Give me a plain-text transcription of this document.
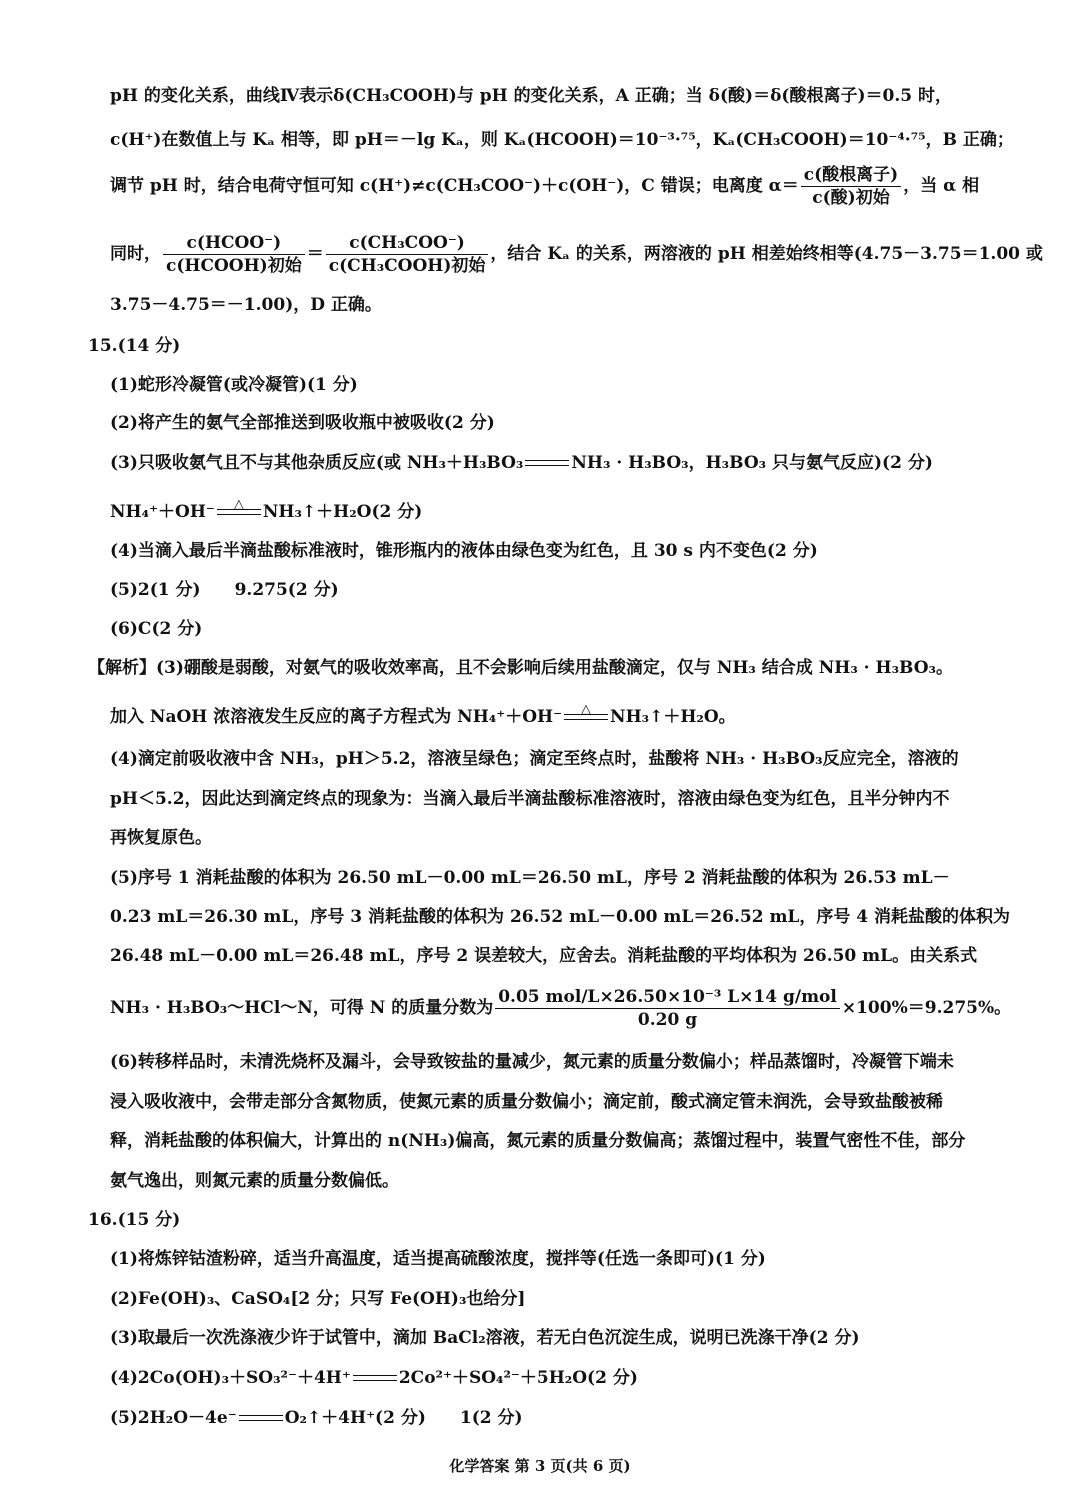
pH 的变化关系，曲线Ⅳ表示δ(CH₃COOH)与 pH 的变化关系，A 正确；当 δ(酸)＝δ(酸根离子)＝0.5 时，
c(H⁺)在数值上与 Kₐ 相等，即 pH＝－lg Kₐ，则 Kₐ(HCOOH)＝10⁻³·⁷⁵，Kₐ(CH₃COOH)＝10⁻⁴·⁷⁵，B 正确；
调节 pH 时，结合电荷守恒可知 c(H⁺)≠c(CH₃COO⁻)＋c(OH⁻)，C 错误；电离度 $\alpha= \frac{\text{c(酸根离子)}}{\text{c(酸)初始}}$ ，当 α 相
同时， $\frac{\text{c(HCOO⁻)}}{\text{c(HCOOH)初始}} = \frac{\text{c(CH₃COO⁻)}}{\text{c(CH₃COOH)初始}}$ ，结合 Kₐ 的关系，两溶液的 pH 相差始终相等(4.75－3.75＝1.00 或
3.75－4.75＝－1.00)，D 正确。
15.(14 分)
(1)蛇形冷凝管(或冷凝管)(1 分)
(2)将产生的氨气全部推送到吸收瓶中被吸收(2 分)
(3)只吸收氨气且不与其他杂质反应(或 NH₃＋H₃BO₃	NH₃ · H₃BO₃，H₃BO₃ 只与氨气反应)(2 分)
NH₄⁺＋OH⁻	△	NH₃↑＋H₂O(2 分)
(4)当滴入最后半滴盐酸标准液时，锥形瓶内的液体由绿色变为红色，且 30 s 内不变色(2 分)
(5)2(1 分)　　9.275(2 分)
(6)C(2 分)
【解析】(3)硼酸是弱酸，对氨气的吸收效率高，且不会影响后续用盐酸滴定，仅与 NH₃ 结合成 NH₃ · H₃BO₃。
加入 NaOH 浓溶液发生反应的离子方程式为 NH₄⁺＋OH⁻	△	NH₃↑＋H₂O。
(4)滴定前吸收液中含 NH₃，pH＞5.2，溶液呈绿色；滴定至终点时，盐酸将 NH₃ · H₃BO₃反应完全，溶液的
pH＜5.2，因此达到滴定终点的现象为：当滴入最后半滴盐酸标准溶液时，溶液由绿色变为红色，且半分钟内不
再恢复原色。
(5)序号 1 消耗盐酸的体积为 26.50 mL－0.00 mL＝26.50 mL，序号 2 消耗盐酸的体积为 26.53 mL－
0.23 mL＝26.30 mL，序号 3 消耗盐酸的体积为 26.52 mL－0.00 mL＝26.52 mL，序号 4 消耗盐酸的体积为
26.48 mL－0.00 mL＝26.48 mL，序号 2 误差较大，应舍去。消耗盐酸的平均体积为 26.50 mL。由关系式
NH₃ · H₃BO₃～HCl～N，可得 N 的质量分数为 $\frac{\text{0.05 mol/L×26.50×10⁻³ L×14 g/mol}}{0.20 g} \times 100\%=9.275\%$。
(6)转移样品时，未清洗烧杯及漏斗，会导致铵盐的量减少，氮元素的质量分数偏小；样品蒸馏时，冷凝管下端未
浸入吸收液中，会带走部分含氮物质，使氮元素的质量分数偏小；滴定前，酸式滴定管未润洗，会导致盐酸被稀
释，消耗盐酸的体积偏大，计算出的 n(NH₃)偏高，氮元素的质量分数偏高；蒸馏过程中，装置气密性不佳，部分
氨气逸出，则氮元素的质量分数偏低。
16.(15 分)
(1)将炼锌钴渣粉碎，适当升高温度，适当提高硫酸浓度，搅拌等(任选一条即可)(1 分)
(2)Fe(OH)₃、CaSO₄[2 分；只写 Fe(OH)₃也给分]
(3)取最后一次洗涤液少许于试管中，滴加 BaCl₂溶液，若无白色沉淀生成，说明已洗涤干净(2 分)
(4)2Co(OH)₃＋SO₃²⁻＋4H⁺	2Co²⁺＋SO₄²⁻＋5H₂O(2 分)
(5)2H₂O－4e⁻	O₂↑＋4H⁺(2 分)　　1(2 分)
化学答案 第 3 页(共 6 页)
